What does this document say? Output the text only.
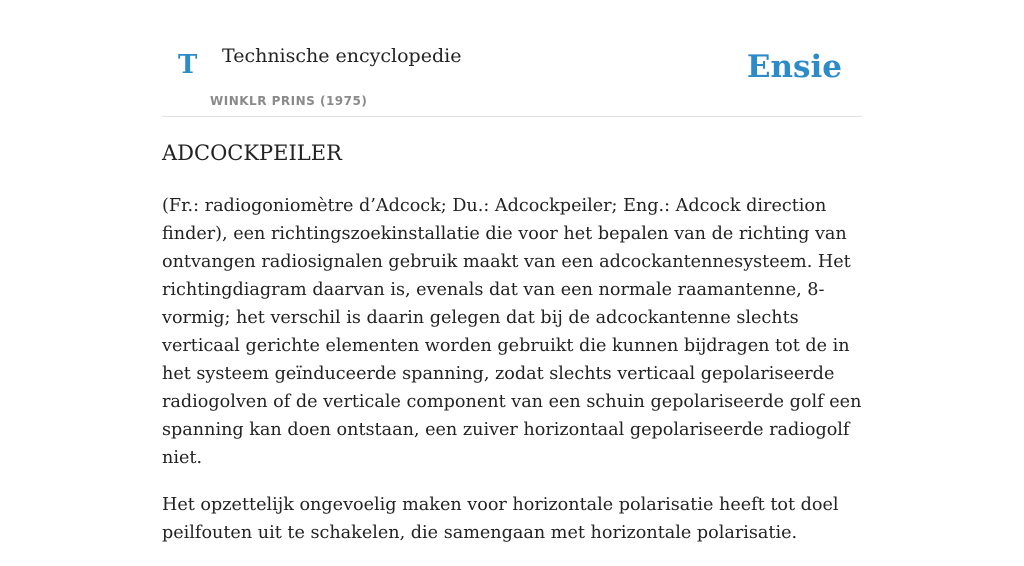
T Technische encyclopedie
WINKLR PRINS (1975)
Ensie
ADCOCKPEILER

(Fr.: radiogoniomètre d’Adcock; Du.: Adcockpeiler; Eng.: Adcock direction finder), een richtingszoekinstallatie die voor het bepalen van de richting van ontvangen radiosignalen gebruik maakt van een adcockantennesysteem. Het richtingdiagram daarvan is, evenals dat van een normale raamantenne, 8-vormig; het verschil is daarin gelegen dat bij de adcockantenne slechts verticaal gerichte elementen worden gebruikt die kunnen bijdragen tot de in het systeem geïnduceerde spanning, zodat slechts verticaal gepolariseerde radiogolven of de verticale component van een schuin gepolariseerde golf een spanning kan doen ontstaan, een zuiver horizontaal gepolariseerde radiogolf niet.

Het opzettelijk ongevoelig maken voor horizontale polarisatie heeft tot doel peilfouten uit te schakelen, die samengaan met horizontale polarisatie.
